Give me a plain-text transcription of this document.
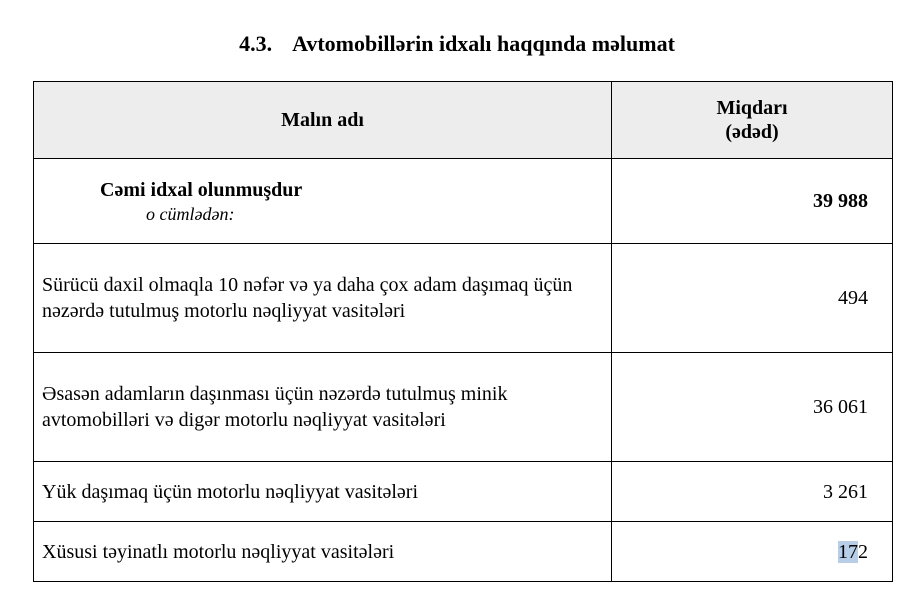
4.3. Avtomobillərin idxalı haqqında məlumat
Malın adı	Miqdarı
(ədəd)

Cəmi idxal olunmuşdur
o cümlədən:	39 988
Sürücü daxil olmaqla 10 nəfər və ya daha çox adam daşımaq üçün nəzərdə tutulmuş motorlu nəqliyyat vasitələri	494
Əsasən adamların daşınması üçün nəzərdə tutulmuş minik avtomobilləri və digər motorlu nəqliyyat vasitələri	36 061
Yük daşımaq üçün motorlu nəqliyyat vasitələri	3 261
Xüsusi təyinatlı motorlu nəqliyyat vasitələri	172
